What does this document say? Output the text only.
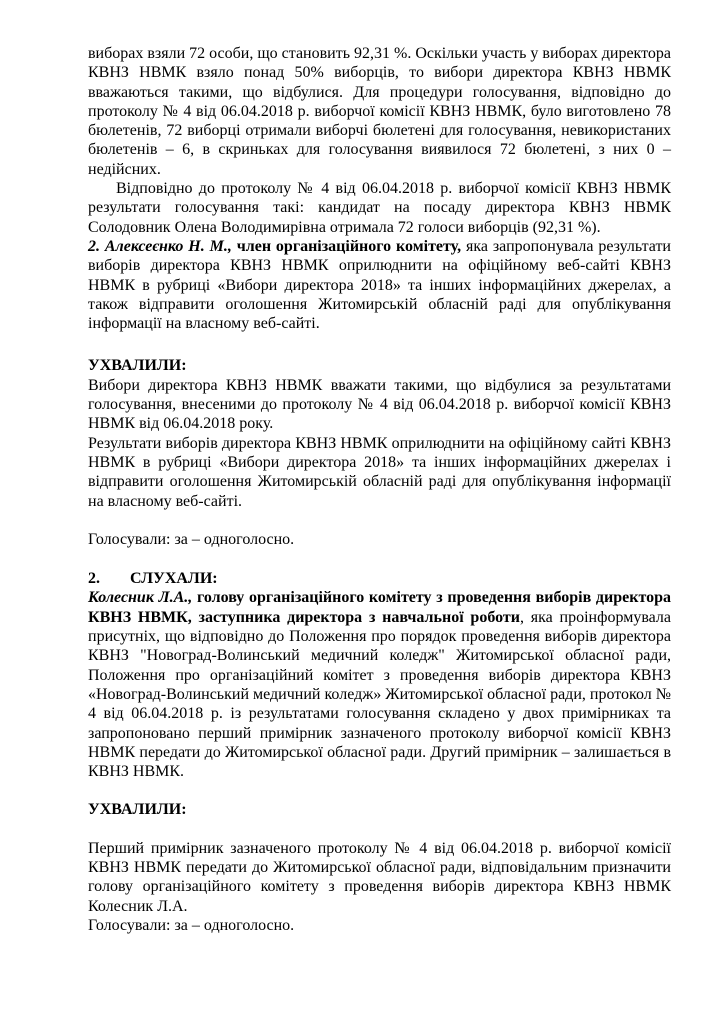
виборах взяли 72 особи, що становить 92,31 %. Оскільки участь у виборах директора КВНЗ НВМК взяло понад 50% виборців, то вибори директора КВНЗ НВМК вважаються такими, що відбулися. Для процедури голосування, відповідно до протоколу № 4 від 06.04.2018 р. виборчої комісії КВНЗ НВМК, було виготовлено 78 бюлетенів, 72 виборці отримали виборчі бюлетені для голосування, невикористаних бюлетенів – 6, в скриньках для голосування виявилося 72 бюлетені, з них 0 – недійсних.

Відповідно до протоколу № 4 від 06.04.2018 р. виборчої комісії КВНЗ НВМК результати голосування такі: кандидат на посаду директора КВНЗ НВМК Солодовник Олена Володимирівна отримала 72 голоси виборців (92,31 %).

2. Алексеєнко Н. М., член організаційного комітету, яка запропонувала результати виборів директора КВНЗ НВМК оприлюднити на офіційному веб-сайті КВНЗ НВМК в рубриці «Вибори директора 2018» та інших інформаційних джерелах, а також відправити оголошення Житомирській обласній раді для опублікування інформації на власному веб-сайті.

УХВАЛИЛИ:

Вибори директора КВНЗ НВМК вважати такими, що відбулися за результатами голосування, внесеними до протоколу № 4 від 06.04.2018 р. виборчої комісії КВНЗ НВМК від 06.04.2018 року.

Результати виборів директора КВНЗ НВМК оприлюднити на офіційному сайті КВНЗ НВМК в рубриці «Вибори директора 2018» та інших інформаційних джерелах і відправити оголошення Житомирській обласній раді для опублікування інформації на власному веб-сайті.

Голосували: за – одноголосно.

2. СЛУХАЛИ:

Колесник Л.А., голову організаційного комітету з проведення виборів директора КВНЗ НВМК, заступника директора з навчальної роботи, яка проінформувала присутніх, що відповідно до Положення про порядок проведення виборів директора КВНЗ "Новоград-Волинський медичний коледж" Житомирської обласної ради, Положення про організаційний комітет з проведення виборів директора КВНЗ «Новоград-Волинський медичний коледж» Житомирської обласної ради, протокол № 4 від 06.04.2018 р. із результатами голосування складено у двох примірниках та запропоновано перший примірник зазначеного протоколу виборчої комісії КВНЗ НВМК передати до Житомирської обласної ради. Другий примірник – залишається в КВНЗ НВМК.

УХВАЛИЛИ:

Перший примірник зазначеного протоколу № 4 від 06.04.2018 р. виборчої комісії КВНЗ НВМК передати до Житомирської обласної ради, відповідальним призначити голову організаційного комітету з проведення виборів директора КВНЗ НВМК Колесник Л.А.

Голосували: за – одноголосно.
